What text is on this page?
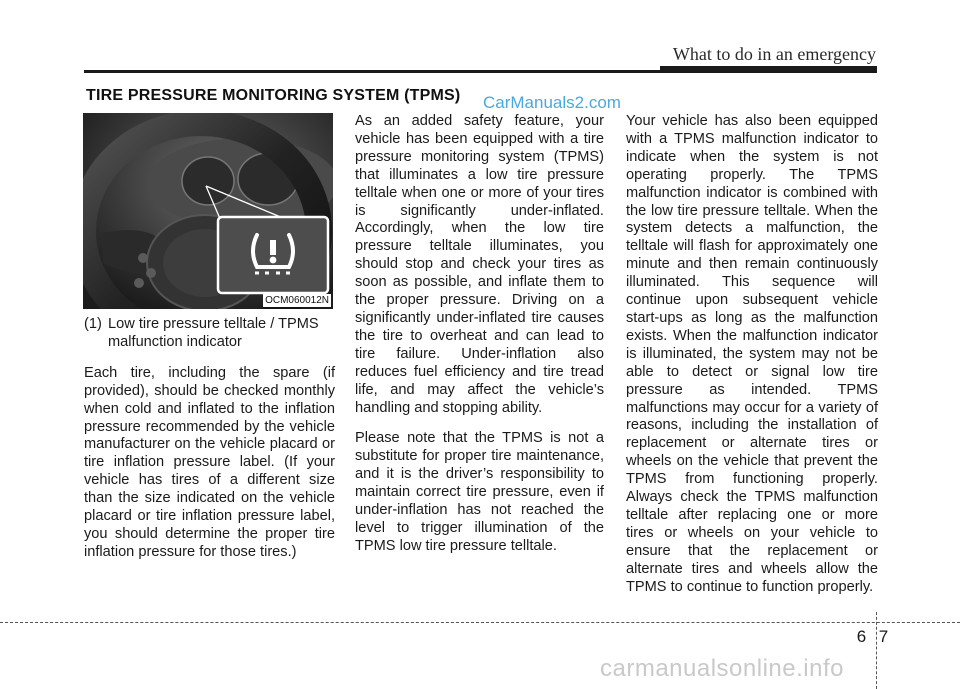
What to do in an emergency
TIRE PRESSURE MONITORING SYSTEM (TPMS) CarManuals2.com
OCM060012N

(1) Low tire pressure telltale / TPMS malfunction indicator

Each tire, including the spare (if provided), should be checked monthly when cold and inflated to the inflation pressure recommended by the vehicle manufacturer on the vehicle placard or tire inflation pressure label. (If your vehicle has tires of a different size than the size indicated on the vehicle placard or tire inflation pressure label, you should determine the proper tire inflation pressure for those tires.)

As an added safety feature, your vehicle has been equipped with a tire pressure monitoring system (TPMS) that illuminates a low tire pressure telltale when one or more of your tires is significantly under-inflated. Accordingly, when the low tire pressure telltale illuminates, you should stop and check your tires as soon as possible, and inflate them to the proper pressure. Driving on a significantly under-inflated tire causes the tire to overheat and can lead to tire failure. Under-inflation also reduces fuel efficiency and tire tread life, and may affect the vehicle’s handling and stopping ability.

Please note that the TPMS is not a substitute for proper tire maintenance, and it is the driver’s responsibility to maintain correct tire pressure, even if under-inflation has not reached the level to trigger illumination of the TPMS low tire pressure telltale.

Your vehicle has also been equipped with a TPMS malfunction indicator to indicate when the system is not operating properly. The TPMS malfunction indicator is combined with the low tire pressure telltale. When the system detects a malfunction, the telltale will flash for approximately one minute and then remain continuously illuminated. This sequence will continue upon subsequent vehicle start-ups as long as the malfunction exists. When the malfunction indicator is illuminated, the system may not be able to detect or signal low tire pressure as intended. TPMS malfunctions may occur for a variety of reasons, including the installation of replacement or alternate tires or wheels on the vehicle that prevent the TPMS from functioning properly. Always check the TPMS malfunction telltale after replacing one or more tires or wheels on your vehicle to ensure that the replacement or alternate tires and wheels allow the TPMS to continue to function properly.

6 7
carmanualsonline.info
